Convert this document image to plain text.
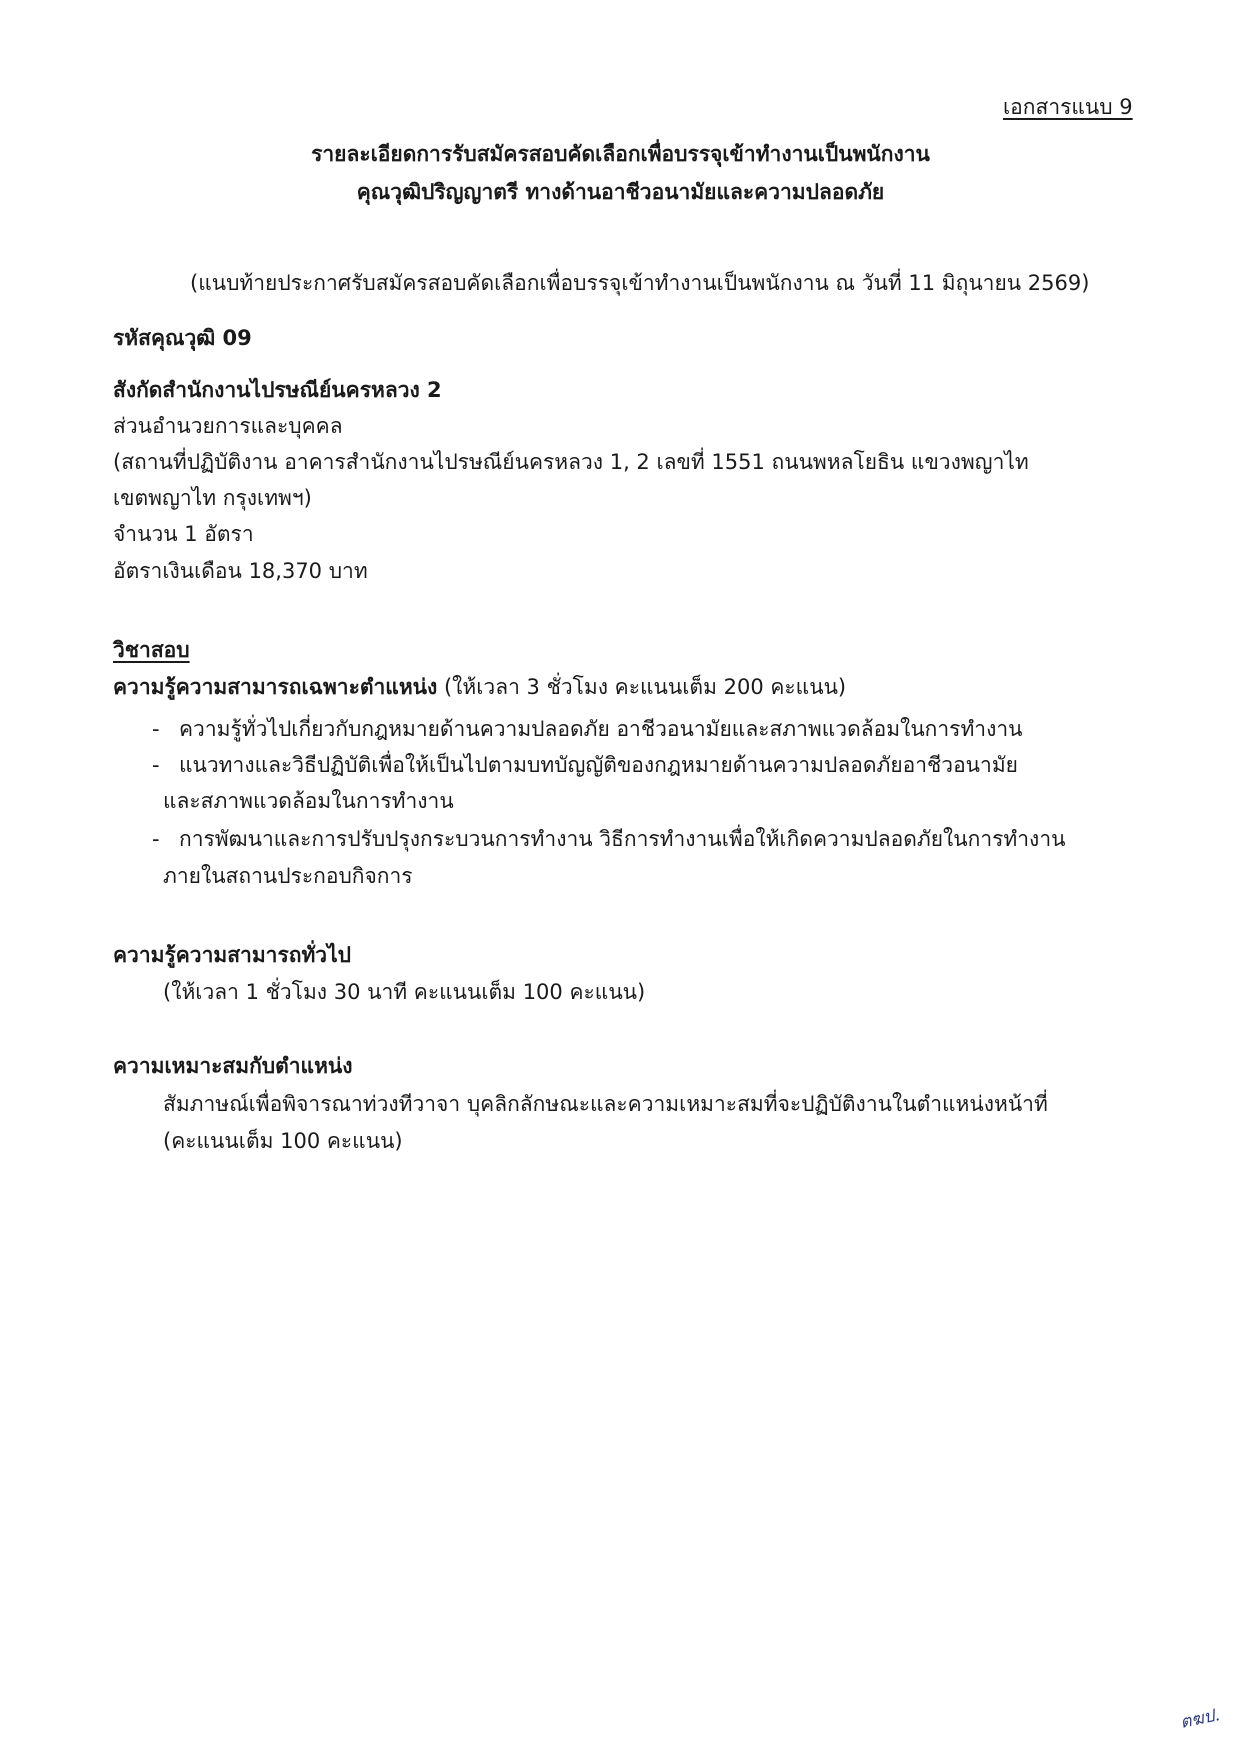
เอกสารแนบ 9
รายละเอียดการรับสมัครสอบคัดเลือกเพื่อบรรจุเข้าทำงานเป็นพนักงาน
คุณวุฒิปริญญาตรี ทางด้านอาชีวอนามัยและความปลอดภัย
(แนบท้ายประกาศรับสมัครสอบคัดเลือกเพื่อบรรจุเข้าทำงานเป็นพนักงาน ณ วันที่ 11 มิถุนายน 2569)
รหัสคุณวุฒิ 09
สังกัดสำนักงานไปรษณีย์นครหลวง 2
ส่วนอำนวยการและบุคคล
(สถานที่ปฏิบัติงาน อาคารสำนักงานไปรษณีย์นครหลวง 1, 2 เลขที่ 1551 ถนนพหลโยธิน แขวงพญาไท
เขตพญาไท กรุงเทพฯ)
จำนวน 1 อัตรา
อัตราเงินเดือน 18,370 บาท
วิชาสอบ
ความรู้ความสามารถเฉพาะตำแหน่ง (ให้เวลา 3 ชั่วโมง คะแนนเต็ม 200 คะแนน)
- ความรู้ทั่วไปเกี่ยวกับกฎหมายด้านความปลอดภัย อาชีวอนามัยและสภาพแวดล้อมในการทำงาน
- แนวทางและวิธีปฏิบัติเพื่อให้เป็นไปตามบทบัญญัติของกฎหมายด้านความปลอดภัยอาชีวอนามัย
และสภาพแวดล้อมในการทำงาน
- การพัฒนาและการปรับปรุงกระบวนการทำงาน วิธีการทำงานเพื่อให้เกิดความปลอดภัยในการทำงาน
ภายในสถานประกอบกิจการ
ความรู้ความสามารถทั่วไป
(ให้เวลา 1 ชั่วโมง 30 นาที คะแนนเต็ม 100 คะแนน)
ความเหมาะสมกับตำแหน่ง
สัมภาษณ์เพื่อพิจารณาท่วงทีวาจา บุคลิกลักษณะและความเหมาะสมที่จะปฏิบัติงานในตำแหน่งหน้าที่
(คะแนนเต็ม 100 คะแนน)
ตฆป.
